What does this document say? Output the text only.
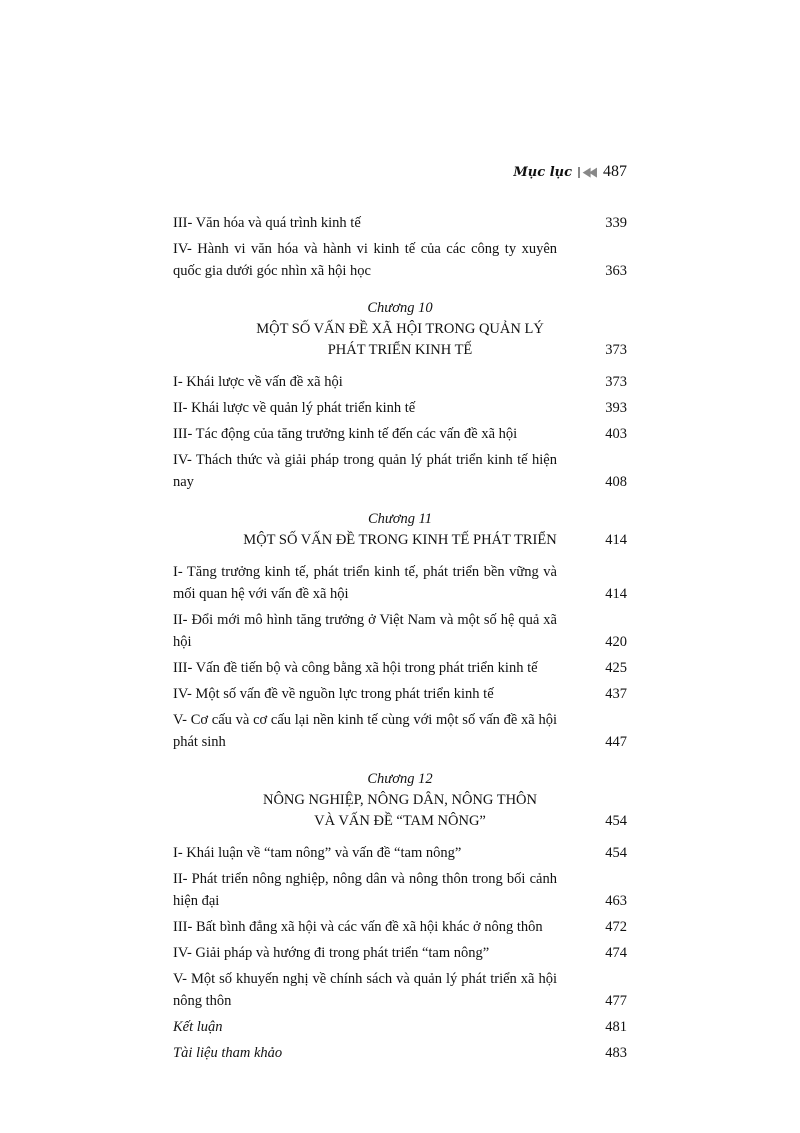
Mục lục ◀◀ 487
III- Văn hóa và quá trình kinh tế	339
IV- Hành vi văn hóa và hành vi kinh tế của các công ty xuyên quốc gia dưới góc nhìn xã hội học	363
Chương 10
MỘT SỐ VẤN ĐỀ XÃ HỘI TRONG QUẢN LÝ
PHÁT TRIỂN KINH TẾ	373
I- Khái lược về vấn đề xã hội	373
II- Khái lược về quản lý phát triển kinh tế	393
III- Tác động của tăng trưởng kinh tế đến các vấn đề xã hội	403
IV- Thách thức và giải pháp trong quản lý phát triển kinh tế hiện nay	408
Chương 11
MỘT SỐ VẤN ĐỀ TRONG KINH TẾ PHÁT TRIỂN	414
I- Tăng trưởng kinh tế, phát triển kinh tế, phát triển bền vững và mối quan hệ với vấn đề xã hội	414
II- Đổi mới mô hình tăng trưởng ở Việt Nam và một số hệ quả xã hội	420
III- Vấn đề tiến bộ và công bằng xã hội trong phát triển kinh tế	425
IV- Một số vấn đề về nguồn lực trong phát triển kinh tế	437
V- Cơ cấu và cơ cấu lại nền kinh tế cùng với một số vấn đề xã hội phát sinh	447
Chương 12
NÔNG NGHIỆP, NÔNG DÂN, NÔNG THÔN
VÀ VẤN ĐỀ “TAM NÔNG”	454
I- Khái luận về “tam nông” và vấn đề “tam nông”	454
II- Phát triển nông nghiệp, nông dân và nông thôn trong bối cảnh hiện đại	463
III- Bất bình đẳng xã hội và các vấn đề xã hội khác ở nông thôn	472
IV- Giải pháp và hướng đi trong phát triển “tam nông”	474
V- Một số khuyến nghị về chính sách và quản lý phát triển xã hội nông thôn	477
Kết luận	481
Tài liệu tham khảo	483
